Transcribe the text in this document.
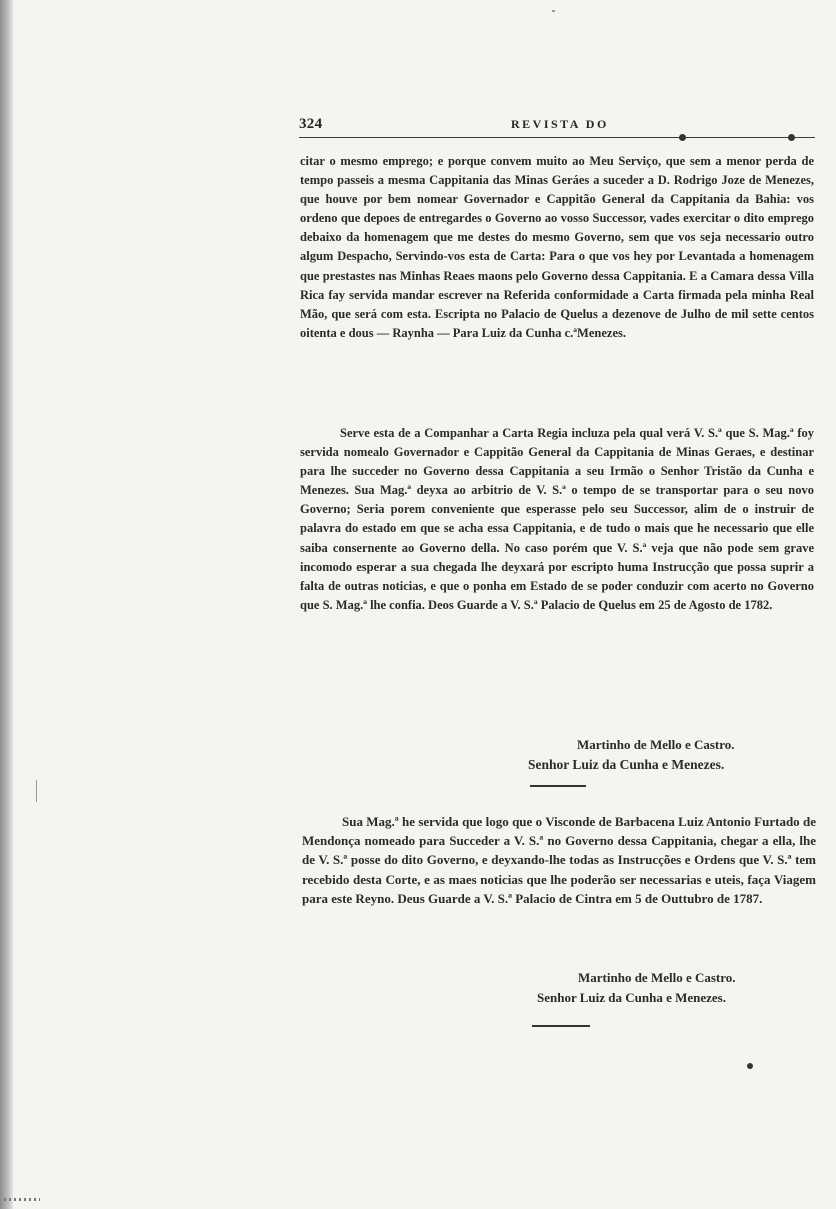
324	REVISTA DO

citar o mesmo emprego; e porque convem muito ao Meu Serviço, que sem a menor perda de tempo passeis a mesma Cappitania das Minas Geráes a suceder a D. Rodrigo Joze de Menezes, que houve por bem nomear Governador e Cappitão General da Cappitania da Bahia: vos ordeno que depoes de entregardes o Governo ao vosso Successor, vades exercitar o dito emprego debaixo da homenagem que me destes do mesmo Governo, sem que vos seja necessario outro algum Despacho, Servindo-vos esta de Carta: Para o que vos hey por Levantada a homenagem que prestastes nas Minhas Reaes maons pelo Governo dessa Cappitania. E a Camara dessa Villa Rica fay servida mandar escrever na Referida conformidade a Carta firmada pela minha Real Mão, que será com esta. Escripta no Palacio de Quelus a dezenove de Julho de mil sette centos oitenta e dous — Raynha — Para Luiz da Cunha c.ªMenezes.

Serve esta de a Companhar a Carta Regia incluza pela qual verá V. S.ª que S. Mag.ª foy servida nomealo Governador e Cappitão General da Cappitania de Minas Geraes, e destinar para lhe succeder no Governo dessa Cappitania a seu Irmão o Senhor Tristão da Cunha e Menezes. Sua Mag.ª deyxa ao arbitrio de V. S.ª o tempo de se transportar para o seu novo Governo; Seria porem conveniente que esperasse pelo seu Successor, alim de o instruir de palavra do estado em que se acha essa Cappitania, e de tudo o mais que he necessario que elle saiba consernente ao Governo della. No caso porém que V. S.ª veja que não pode sem grave incomodo esperar a sua chegada lhe deyxará por escripto huma Instrucção que possa suprir a falta de outras noticias, e que o ponha em Estado de se poder conduzir com acerto no Governo que S. Mag.ª lhe confia. Deos Guarde a V. S.ª Palacio de Quelus em 25 de Agosto de 1782.

Martinho de Mello e Castro.
Senhor Luiz da Cunha e Menezes.

Sua Mag.ª he servida que logo que o Visconde de Barbacena Luiz Antonio Furtado de Mendonça nomeado para Succeder a V. S.ª no Governo dessa Cappitania, chegar a ella, lhe de V. S.ª posse do dito Governo, e deyxando-lhe todas as Instrucções e Ordens que V. S.ª tem recebido desta Corte, e as maes noticias que lhe poderão ser necessarias e uteis, faça Viagem para este Reyno. Deus Guarde a V. S.ª Palacio de Cintra em 5 de Outtubro de 1787.

Martinho de Mello e Castro.
Senhor Luiz da Cunha e Menezes.
